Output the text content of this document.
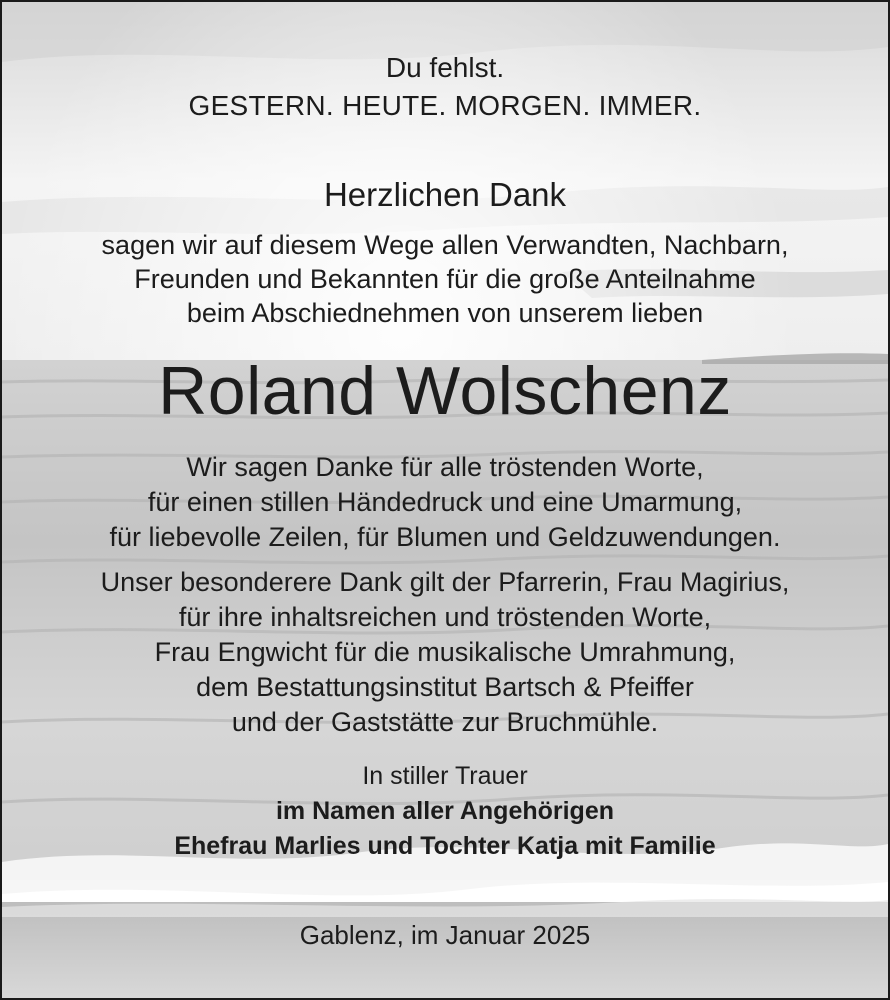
Du fehlst.
GESTERN. HEUTE. MORGEN. IMMER.
Herzlichen Dank
sagen wir auf diesem Wege allen Verwandten, Nachbarn,
Freunden und Bekannten für die große Anteilnahme
beim Abschiednehmen von unserem lieben
Roland Wolschenz
Wir sagen Danke für alle tröstenden Worte,
für einen stillen Händedruck und eine Umarmung,
für liebevolle Zeilen, für Blumen und Geldzuwendungen.
Unser besonderere Dank gilt der Pfarrerin, Frau Magirius,
für ihre inhaltsreichen und tröstenden Worte,
Frau Engwicht für die musikalische Umrahmung,
dem Bestattungsinstitut Bartsch & Pfeiffer
und der Gaststätte zur Bruchmühle.
In stiller Trauer
im Namen aller Angehörigen
Ehefrau Marlies und Tochter Katja mit Familie
Gablenz, im Januar 2025
